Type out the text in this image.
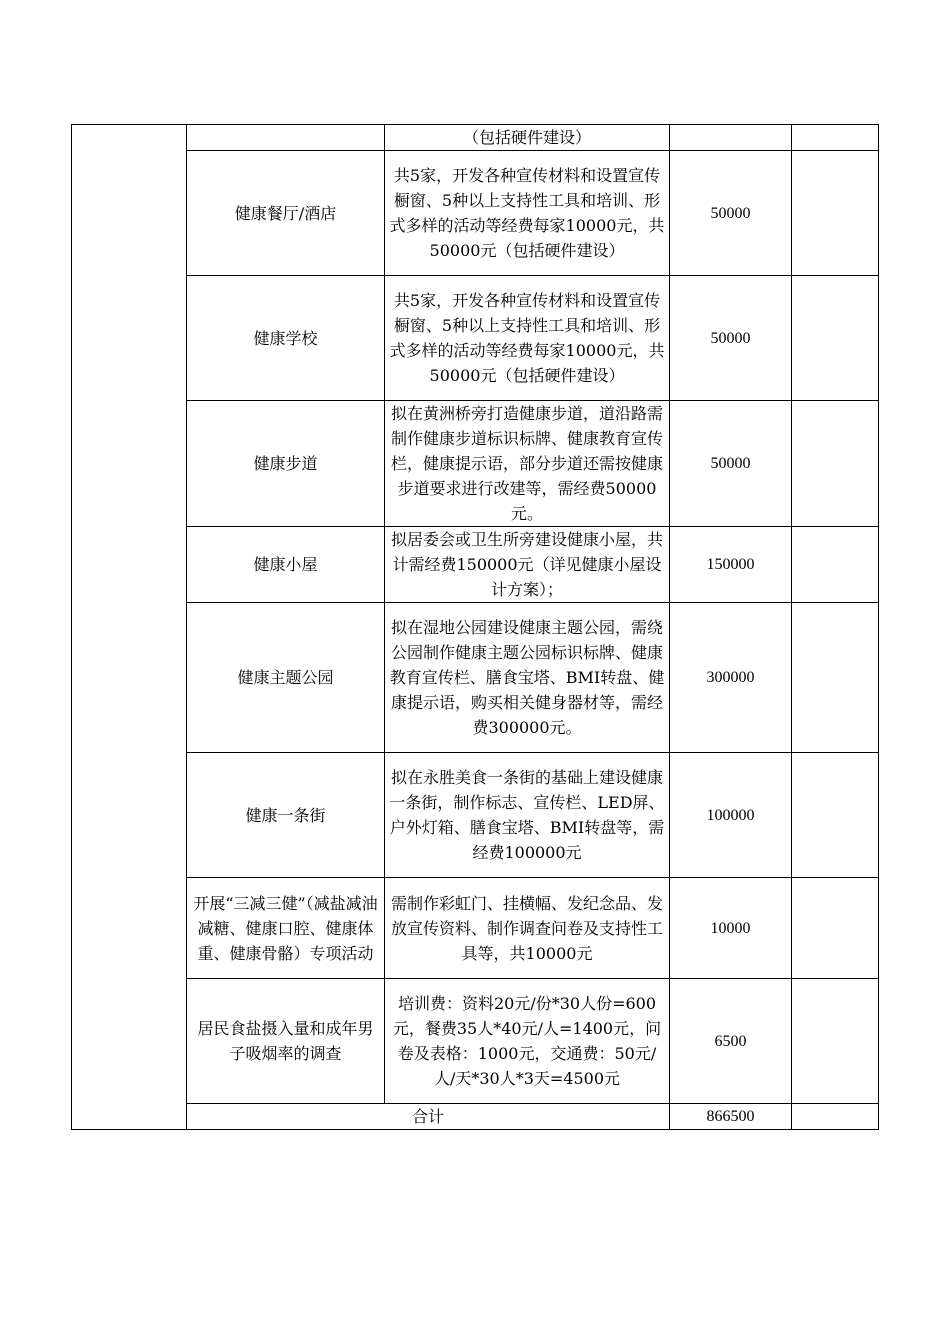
		（包括硬件建设）		
	健康餐厅/酒店	共5家，开发各种宣传材料和设置宣传橱窗、5种以上支持性工具和培训、形式多样的活动等经费每家10000元，共50000元（包括硬件建设）	50000	
	健康学校	共5家，开发各种宣传材料和设置宣传橱窗、5种以上支持性工具和培训、形式多样的活动等经费每家10000元，共50000元（包括硬件建设）	50000	
	健康步道	拟在黄洲桥旁打造健康步道，道沿路需制作健康步道标识标牌、健康教育宣传栏，健康提示语，部分步道还需按健康步道要求进行改建等，需经费50000元。	50000	
	健康小屋	拟居委会或卫生所旁建设健康小屋，共计需经费150000元（详见健康小屋设计方案）；	150000	
	健康主题公园	拟在湿地公园建设健康主题公园，需绕公园制作健康主题公园标识标牌、健康教育宣传栏、膳食宝塔、BMI转盘、健康提示语，购买相关健身器材等，需经费300000元。	300000	
	健康一条街	拟在永胜美食一条街的基础上建设健康一条街，制作标志、宣传栏、LED屏、户外灯箱、膳食宝塔、BMI转盘等，需经费100000元	100000	
	开展“三减三健”（减盐减油减糖、健康口腔、健康体重、健康骨骼）专项活动	需制作彩虹门、挂横幅、发纪念品、发放宣传资料、制作调查问卷及支持性工具等，共10000元	10000	
	居民食盐摄入量和成年男子吸烟率的调查	培训费：资料20元/份*30人份=600元，餐费35人*40元/人=1400元，问卷及表格：1000元，交通费：50元/人/天*30人*3天=4500元	6500	
	合计		866500	
